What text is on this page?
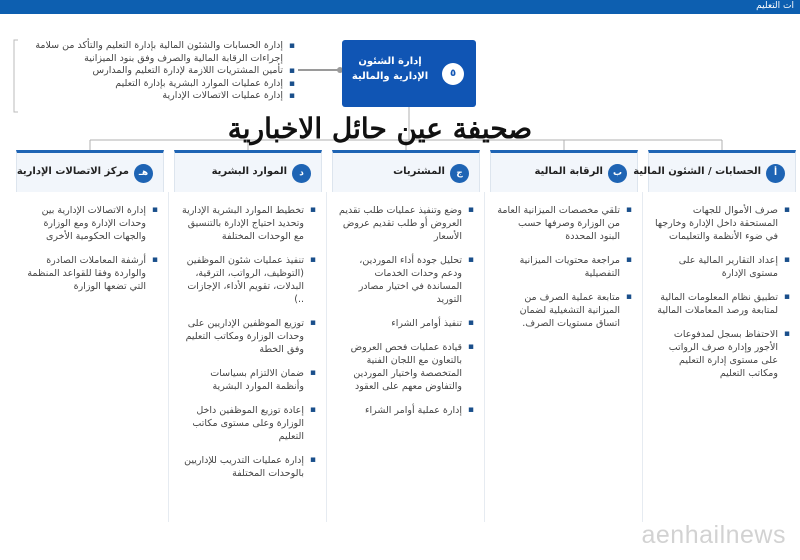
ات التعليم
▪ إدارة الحسابات والشئون المالية بإدارة التعليم والتأكد من سلامة إجراءات الرقابة المالية والصرف وفق بنود الميزانية
▪ تأمين المشتريات اللازمة لإدارة التعليم والمدارس
▪ إدارة عمليات الموارد البشرية بإدارة التعليم
▪ إدارة عمليات الاتصالات الإدارية
إدارة الشئون الإدارية والمالية	٥
صحيفة عين حائل الاخبارية
هـ
مركز الاتصالات الإدارية
▪ إدارة الاتصالات الإدارية بين وحدات الإدارة ومع الوزارة والجهات الحكومية الأخرى
▪ أرشفة المعاملات الصادرة والواردة وفقا للقواعد المنظمة التي تضعها الوزارة
د
الموارد البشرية
▪ تخطيط الموارد البشرية الإدارية وتحديد احتياج الإدارة بالتنسيق مع الوحدات المختلفة
▪ تنفيذ عمليات شئون الموظفين (التوظيف، الرواتب، الترقية، البدلات، تقويم الأداء، الإجازات ..)
▪ توزيع الموظفين الإداريين على وحدات الوزارة ومكاتب التعليم وفق الخطة
▪ ضمان الالتزام بسياسات وأنظمة الموارد البشرية
▪ إعادة توزيع الموظفين داخل الوزارة وعلى مستوى مكاتب التعليم
▪ إدارة عمليات التدريب للإداريين بالوحدات المختلفة
ج
المشتريات
▪ وضع وتنفيذ عمليات طلب تقديم العروض أو طلب تقديم عروض الأسعار
▪ تحليل جودة أداء الموردين، ودعم وحدات الخدمات المساندة في اختيار مصادر التوريد
▪ تنفيذ أوامر الشراء
▪ قيادة عمليات فحص العروض بالتعاون مع اللجان الفنية المتخصصة واختيار الموردين والتفاوض معهم على العقود
▪ إدارة عملية أوامر الشراء
ب
الرقابة المالية
▪ تلقي مخصصات الميزانية العامة من الوزارة وصرفها حسب البنود المحددة
▪ مراجعة محتويات الميزانية التفصيلية
▪ متابعة عملية الصرف من الميزانية التشغيلية لضمان اتساق مستويات الصرف.
أ
الحسابات / الشئون المالية
▪ صرف الأموال للجهات المستحقة داخل الإدارة وخارجها في ضوء الأنظمة والتعليمات
▪ إعداد التقارير المالية على مستوى الإدارة
▪ تطبيق نظام المعلومات المالية لمتابعة ورصد المعاملات المالية
▪ الاحتفاظ بسجل لمدفوعات الأجور وإدارة صرف الرواتب على مستوى إدارة التعليم ومكاتب التعليم
aenhailnews
